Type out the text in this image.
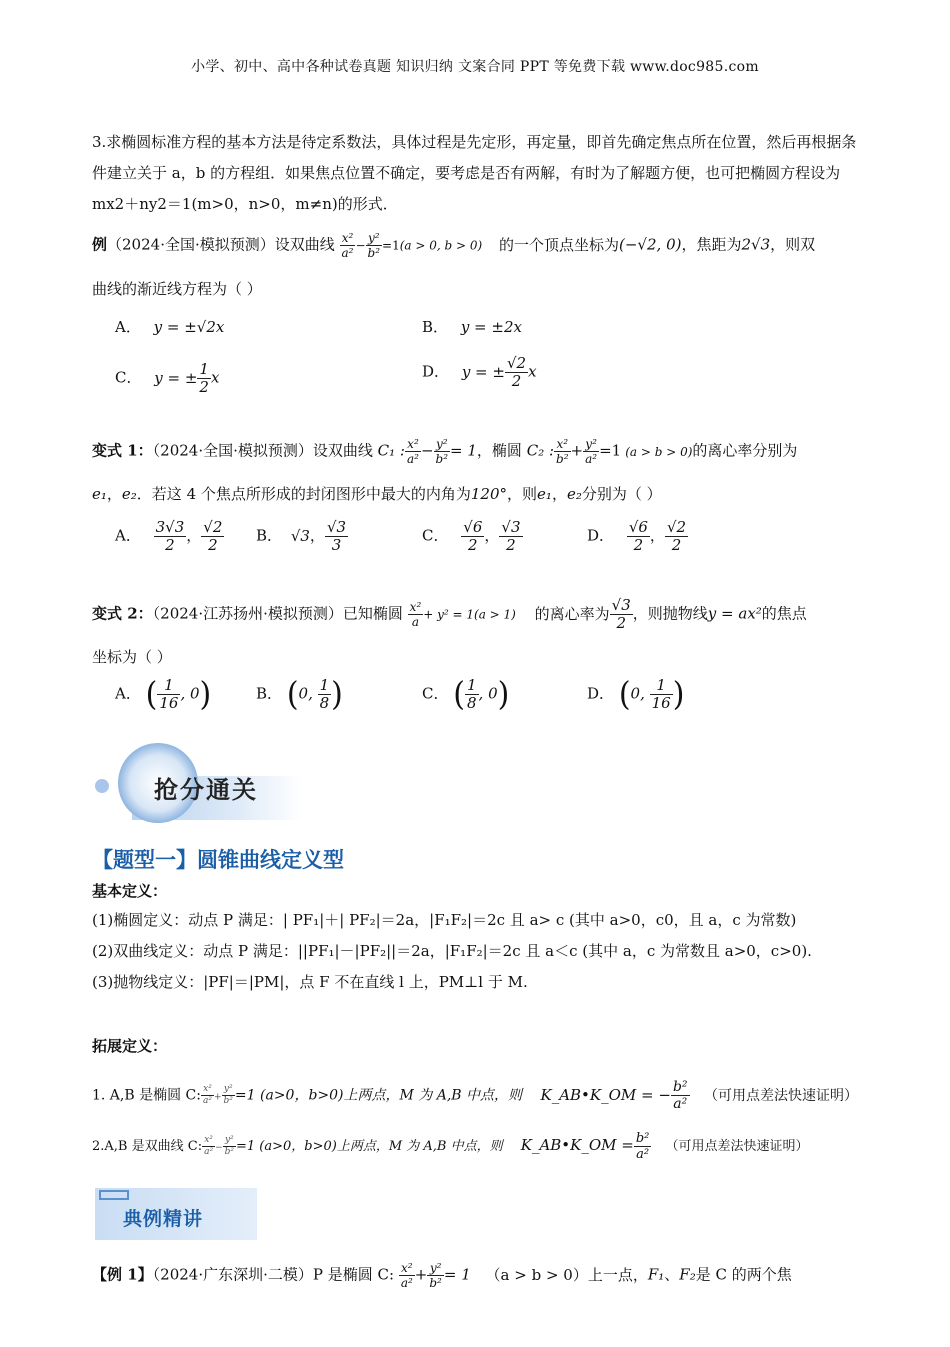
小学、初中、高中各种试卷真题 知识归纳 文案合同 PPT 等免费下载 www.doc985.com
3.求椭圆标准方程的基本方法是待定系数法，具体过程是先定形，再定量，即首先确定焦点所在位置，然后再根据条件建立关于 a，b 的方程组．如果焦点位置不确定，要考虑是否有两解，有时为了解题方便，也可把椭圆方程设为 mx2＋ny2＝1(m>0，n>0，m≠n)的形式．
例（2024·全国·模拟预测）设双曲线 $\frac{\text{x²}}{\text{a²}} - \frac{\text{y²}}{\text{b²}} =1(a > 0$, b > 0) 的一个顶点坐标为(−√2, 0)，焦距为2√3，则双
曲线的渐近线方程为（ ）
A． y = ±√2x	B． y = ±2x
C． y = ± $\frac{1}{2}$ x	D． y = ± $\frac{√2}{2}$ x
变式 1：（2024·全国·模拟预测）设双曲线 C₁ : $\frac{\text{x²}}{\text{a²}} - \frac{\text{y²}}{\text{b²}} = 1$，椭圆 C₂ : $\frac{\text{x²}}{\text{b²}} + \frac{\text{y²}}{\text{a²}} =1$ (a > b > 0)的离心率分别为
e₁，e₂．若这 4 个焦点所形成的封闭图形中最大的内角为120°，则e₁，e₂分别为（ ）
A． $\frac{3√3}{2}$ ， $\frac{√2}{2}$ B． √3， $\frac{√3}{3}$	C． $\frac{√6}{2}$ ， $\frac{√3}{2}$	D． $\frac{√6}{2}$ ， $\frac{√2}{2}$
变式 2：（2024·江苏扬州·模拟预测）已知椭圆 $\frac{\text{x²}}{a} + y^2 = 1(a > 1)$ 的离心率为 $\frac{√3}{2}$ ，则抛物线y = ax²的焦点
坐标为（ ）
A． ( $\frac{1}{16}$ , 0)	B． (0, $\frac{1}{8}$ )	C． ( $\frac{1}{8}$ , 0)	D． (0, $\frac{1}{16}$ )
抢分通关
【题型一】圆锥曲线定义型
基本定义：
(1)椭圆定义：动点 P 满足：| PF₁|＋| PF₂|＝2a，|F₁F₂|＝2c 且 a> c (其中 a>0，c0，且 a，c 为常数)
(2)双曲线定义：动点 P 满足：||PF₁|－|PF₂||＝2a，|F₁F₂|＝2c 且 a＜c (其中 a，c 为常数且 a>0，c>0).
(3)抛物线定义：|PF|＝|PM|，点 F 不在直线 l 上，PM⊥l 于 M.
拓展定义：
1. A,B 是椭圆 C: $\frac{\text{x²}}{\text{a²}} + \frac{\text{y²}}{\text{b²}} =1$ (a>0，b>0)上两点，M 为 A,B 中点，则 K_AB•K_OM = − $\frac{\text{b²}}{\text{a²}}$ （可用点差法快速证明）
2.A,B 是双曲线 C: $\frac{\text{x²}}{\text{a²}} - \frac{\text{y²}}{\text{b²}} =1$ (a>0，b>0)上两点，M 为 A,B 中点，则 K_AB•K_OM = $\frac{\text{b²}}{\text{a²}}$ （可用点差法快速证明）
典例精讲
【例 1】（2024·广东深圳·二模）P 是椭圆 C: $\frac{\text{x²}}{\text{a²}} + \frac{\text{y²}}{\text{b²}} = 1$ （a > b > 0）上一点，F₁、F₂是 C 的两个焦
